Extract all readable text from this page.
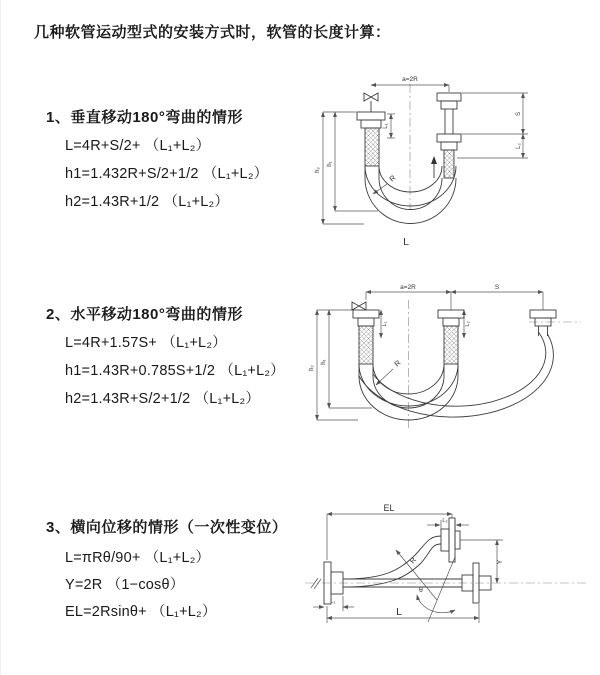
几种软管运动型式的安装方式时，软管的长度计算：
1、垂直移动180°弯曲的情形
L=4R+S/2+ （L₁+L₂）
h1=1.432R+S/2+1/2 （L₁+L₂）
h2=1.43R+1/2 （L₁+L₂）
a=2R
h₂
h₁
L₁
S
L₂
R
L
2、水平移动180°弯曲的情形
L=4R+1.57S+ （L₁+L₂）
h1=1.43R+0.785S+1/2 （L₁+L₂）
h2=1.43R+S/2+1/2 （L₁+L₂）
a=2R	S
h₂
h₁
L₁	L₂
R
3、横向位移的情形（一次性变位）
L=πRθ/90+ （L₁+L₂）
Y=2R （1−cosθ）
EL=2Rsinθ+ （L₁+L₂）
EL
L₂
Y
L
L₁
R
θ
